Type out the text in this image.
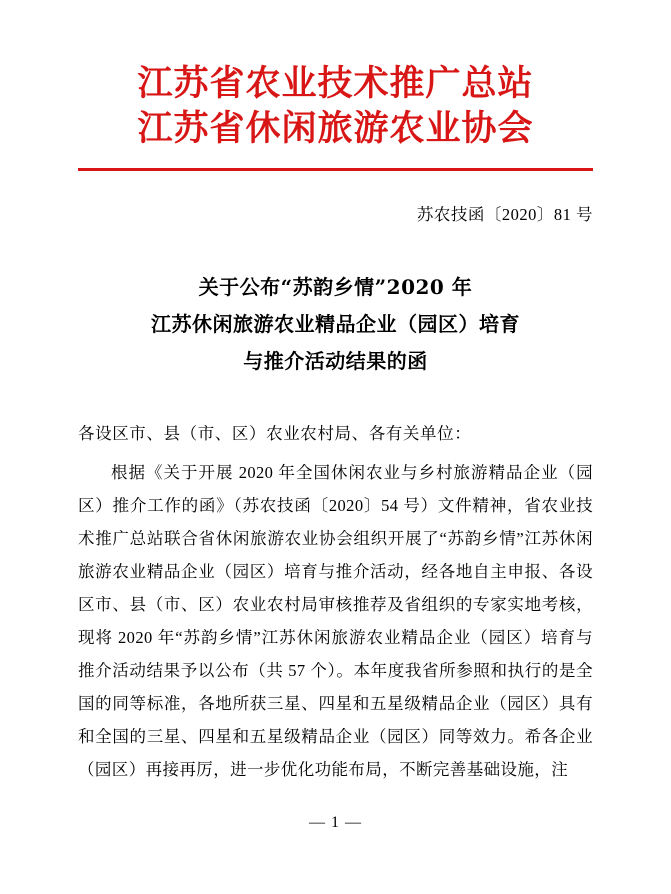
江苏省农业技术推广总站
江苏省休闲旅游农业协会
苏农技函〔2020〕81 号
关于公布“苏韵乡情”2020 年
江苏休闲旅游农业精品企业（园区）培育
与推介活动结果的函
各设区市、县（市、区）农业农村局、各有关单位：
根据《关于开展 2020 年全国休闲农业与乡村旅游精品企业（园区）推介工作的函》（苏农技函〔2020〕54 号）文件精神，省农业技术推广总站联合省休闲旅游农业协会组织开展了“苏韵乡情”江苏休闲旅游农业精品企业（园区）培育与推介活动，经各地自主申报、各设区市、县（市、区）农业农村局审核推荐及省组织的专家实地考核，现将 2020 年“苏韵乡情”江苏休闲旅游农业精品企业（园区）培育与推介活动结果予以公布（共 57 个）。本年度我省所参照和执行的是全国的同等标准，各地所获三星、四星和五星级精品企业（园区）具有和全国的三星、四星和五星级精品企业（园区）同等效力。希各企业（园区）再接再厉，进一步优化功能布局，不断完善基础设施，注
— 1 —
